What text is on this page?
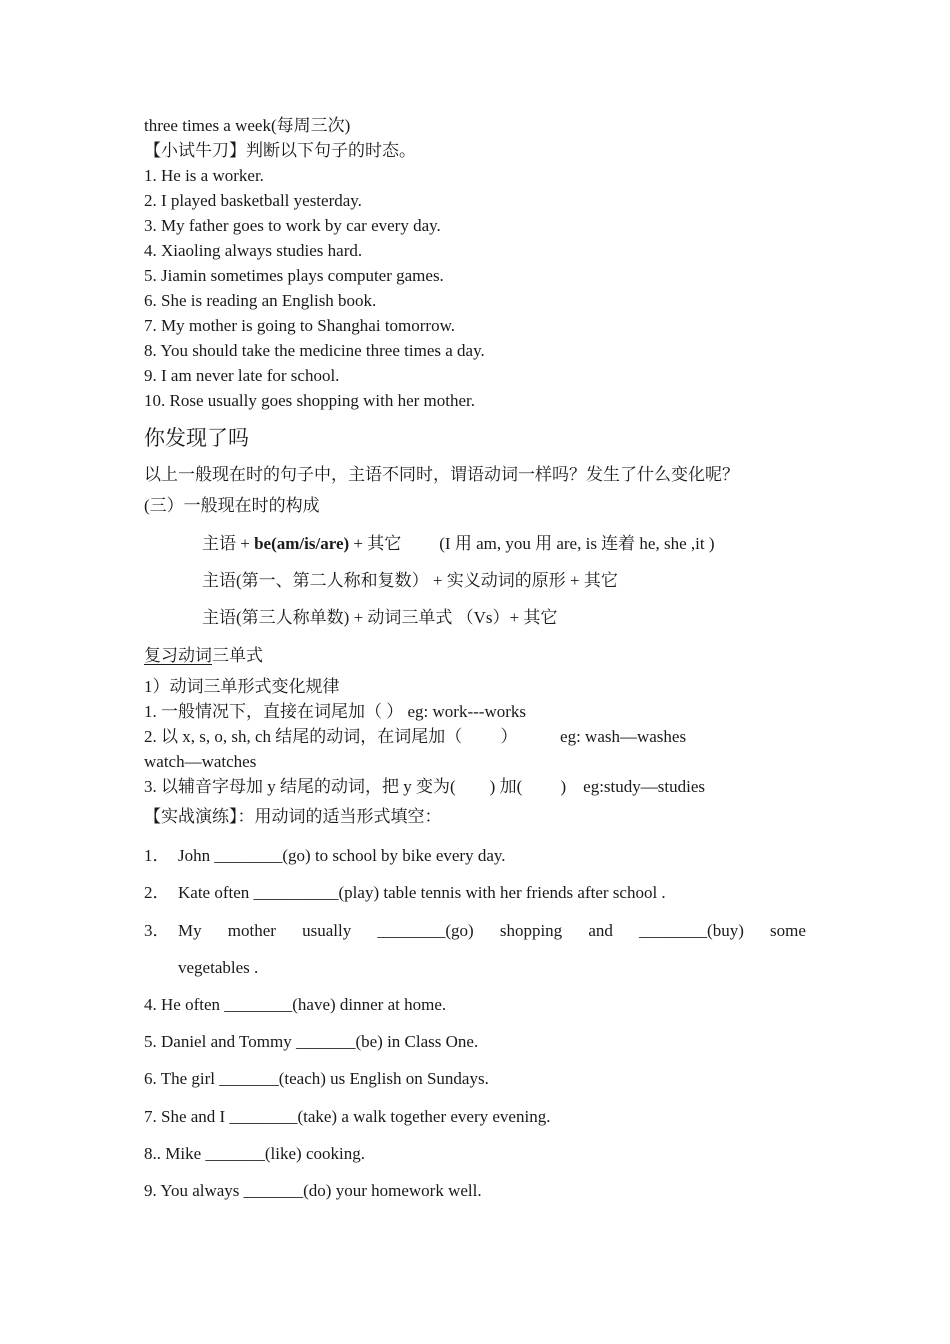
three times a week(每周三次)
【小试牛刀】判断以下句子的时态。
1. He is a worker.
2. I played basketball yesterday.
3. My father goes to work by car every day.
4. Xiaoling always studies hard.
5. Jiamin sometimes plays computer games.
6. She is reading an English book.
7. My mother is going to Shanghai tomorrow.
8. You should take the medicine three times a day.
9. I am never late for school.
10. Rose usually goes shopping with her mother.
你发现了吗
以上一般现在时的句子中，主语不同时，谓语动词一样吗？发生了什么变化呢？
(三）一般现在时的构成
主语 + be(am/is/are) + 其它 (I 用 am, you 用 are, is 连着 he, she ,it )
主语(第一、第二人称和复数） + 实义动词的原形 + 其它
主语(第三人称单数) + 动词三单式 （Vs）+ 其它
复习动词三单式
1）动词三单形式变化规律
1. 一般情况下，直接在词尾加（ ） eg: work---works
2. 以 x, s, o, sh, ch 结尾的动词，在词尾加（         ）          eg: wash—washes
watch—watches
3. 以辅音字母加 y 结尾的动词，把 y 变为(        ) 加(         )    eg:study—studies
【实战演练】：用动词的适当形式填空：
1． John ________(go) to school by bike every day.
2． Kate often __________(play) table tennis with her friends after school .
3． My mother usually ________(go) shopping and ________(buy) some
vegetables .
4. He often ________(have) dinner at home.
5. Daniel and Tommy _______(be) in Class One.
6. The girl _______(teach) us English on Sundays.
7. She and I ________(take) a walk together every evening.
8.. Mike _______(like) cooking.
9. You always _______(do) your homework well.
